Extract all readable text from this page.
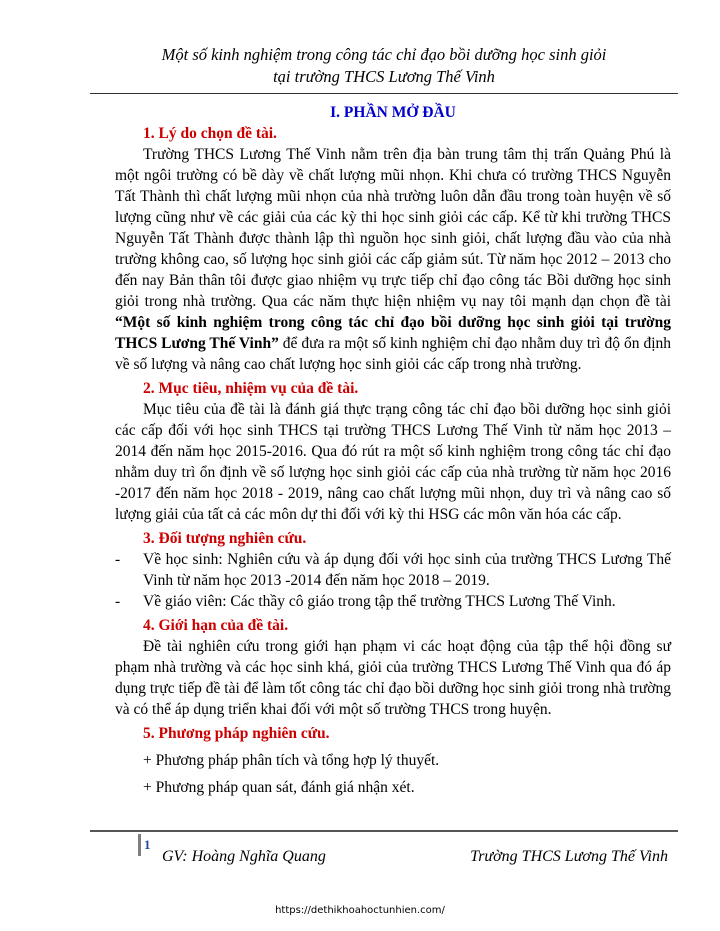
Một số kinh nghiệm trong công tác chỉ đạo bồi dưỡng học sinh giỏi
tại trường THCS Lương Thế Vinh

I. PHẦN MỞ ĐẦU

1. Lý do chọn đề tài.

Trường THCS Lương Thế Vinh nằm trên địa bàn trung tâm thị trấn Quảng Phú là một ngôi trường có bề dày về chất lượng mũi nhọn. Khi chưa có trường THCS Nguyễn Tất Thành thì chất lượng mũi nhọn của nhà trường luôn dẫn đầu trong toàn huyện về số lượng cũng như về các giải của các kỳ thi học sinh giỏi các cấp. Kể từ khi trường THCS Nguyễn Tất Thành được thành lập thì nguồn học sinh giỏi, chất lượng đầu vào của nhà trường không cao, số lượng học sinh giỏi các cấp giảm sút. Từ năm học 2012 – 2013 cho đến nay Bản thân tôi được giao nhiệm vụ trực tiếp chỉ đạo công tác Bồi dưỡng học sinh giỏi trong nhà trường. Qua các năm thực hiện nhiệm vụ nay tôi mạnh dạn chọn đề tài “Một số kinh nghiệm trong công tác chỉ đạo bồi dưỡng học sinh giỏi tại trường THCS Lương Thế Vinh” để đưa ra một số kinh nghiệm chỉ đạo nhằm duy trì độ ổn định về số lượng và nâng cao chất lượng học sinh giỏi các cấp trong nhà trường.

2. Mục tiêu, nhiệm vụ của đề tài.

Mục tiêu của đề tài là đánh giá thực trạng công tác chỉ đạo bồi dưỡng học sinh giỏi các cấp đối với học sinh THCS tại trường THCS Lương Thế Vinh từ năm học 2013 – 2014 đến năm học 2015-2016. Qua đó rút ra một số kinh nghiệm trong công tác chỉ đạo nhằm duy trì ổn định về số lượng học sinh giỏi các cấp của nhà trường từ năm học 2016 -2017 đến năm học 2018 - 2019, nâng cao chất lượng mũi nhọn, duy trì và nâng cao số lượng giải của tất cả các môn dự thi đối với kỳ thi HSG các môn văn hóa các cấp.

3. Đối tượng nghiên cứu.

- Về học sinh: Nghiên cứu và áp dụng đối với học sinh của trường THCS Lương Thế Vinh từ năm học 2013 -2014 đến năm học 2018 – 2019.

- Về giáo viên: Các thầy cô giáo trong tập thể trường THCS Lương Thế Vinh.

4. Giới hạn của đề tài.

Đề tài nghiên cứu trong giới hạn phạm vi các hoạt động của tập thể hội đồng sư phạm nhà trường và các học sinh khá, giỏi của trường THCS Lương Thế Vinh qua đó áp dụng trực tiếp đề tài để làm tốt công tác chỉ đạo bồi dưỡng học sinh giỏi trong nhà trường và có thể áp dụng triển khai đối với một số trường THCS trong huyện.

5. Phương pháp nghiên cứu.

+ Phương pháp phân tích và tổng hợp lý thuyết.

+ Phương pháp quan sát, đánh giá nhận xét.

1
GV: Hoàng Nghĩa Quang	Trường THCS Lương Thế Vinh
https://dethikhoahoctunhien.com/
